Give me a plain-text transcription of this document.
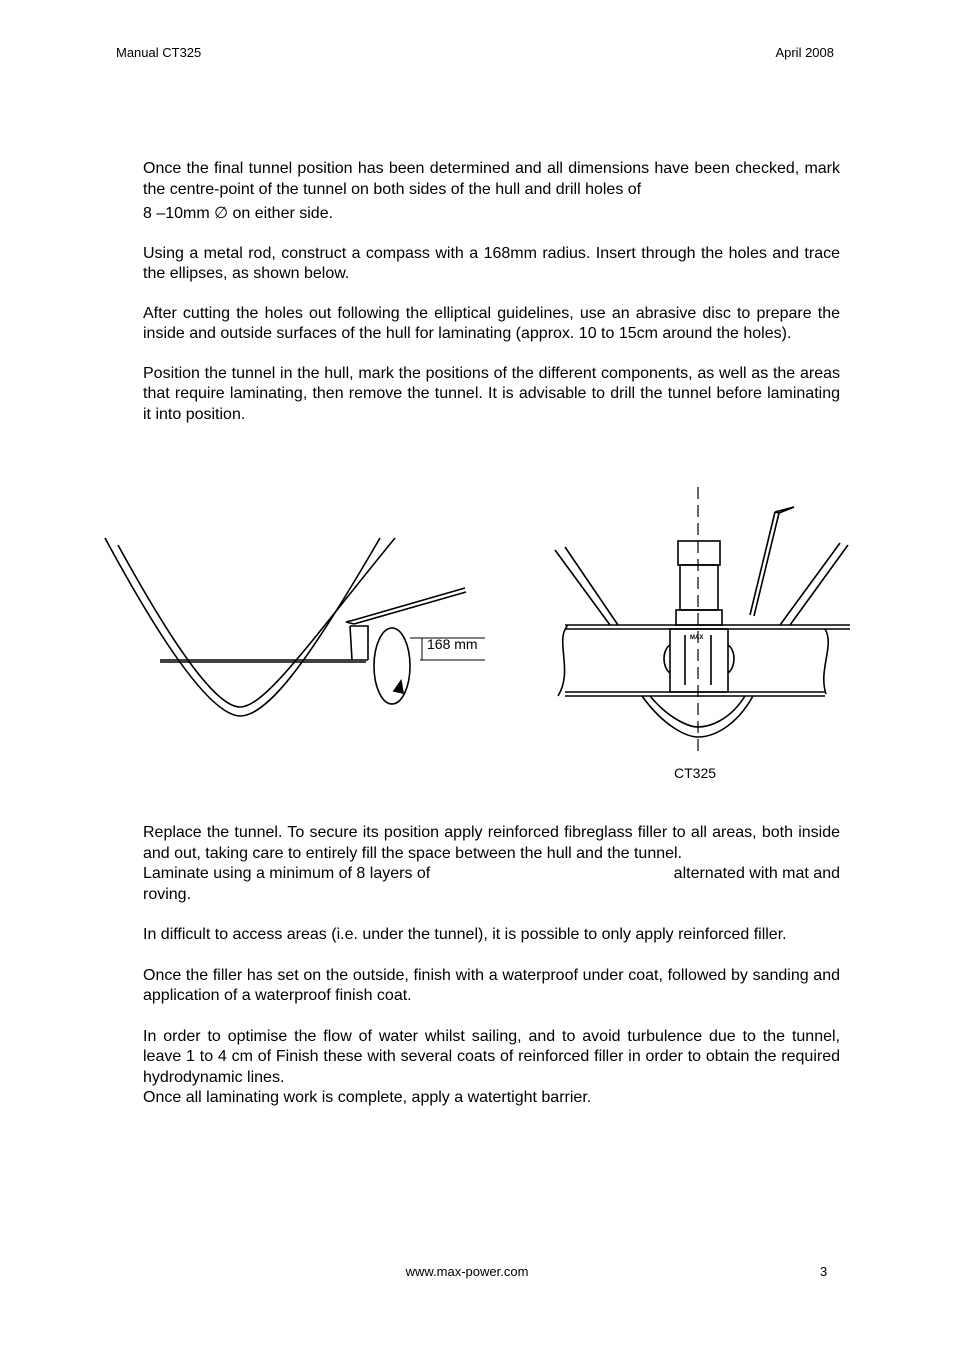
Manual CT325	April 2008

Once the final tunnel position has been determined and all dimensions have been checked, mark the centre-point of the tunnel on both sides of the hull and drill holes of

8 –10mm ∅ on either side.

Using a metal rod, construct a compass with a 168mm radius. Insert through the holes and trace the ellipses, as shown below.

After cutting the holes out following the elliptical guidelines, use an abrasive disc to prepare the inside and outside surfaces of the hull for laminating (approx. 10 to 15cm around the holes).

Position the tunnel in the hull, mark the positions of the different components, as well as the areas that require laminating, then remove the tunnel. It is advisable to drill the tunnel before laminating it into position.

168 mm	MAX
CT325

Replace the tunnel. To secure its position apply reinforced fibreglass filler to all areas, both inside and out, taking care to entirely fill the space between the hull and the tunnel.

Laminate using a minimum of 8 layers of	alternated with mat and

roving.

In difficult to access areas (i.e. under the tunnel), it is possible to only apply reinforced filler.

Once the filler has set on the outside, finish with a waterproof under coat, followed by sanding and application of a waterproof finish coat.

In order to optimise the flow of water whilst sailing, and to avoid turbulence due to the tunnel, leave 1 to 4 cm of Finish these with several coats of reinforced filler in order to obtain the required hydrodynamic lines.

Once all laminating work is complete, apply a watertight barrier.

www.max-power.com	3
